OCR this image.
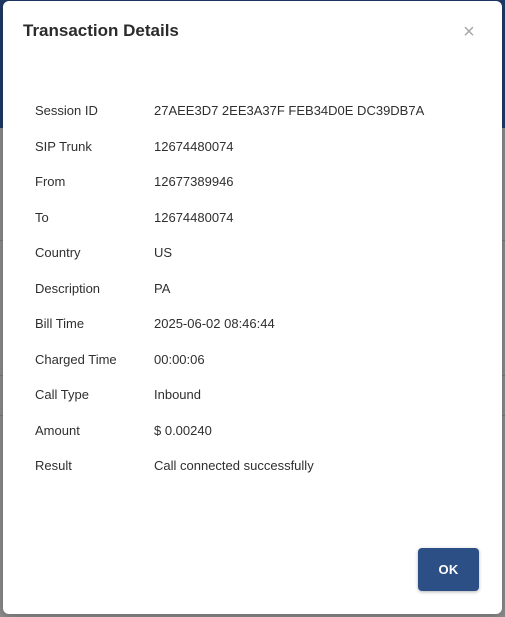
Transaction Details	×
Session ID	27AEE3D7 2EE3A37F FEB34D0E DC39DB7A
SIP Trunk	12674480074
From	12677389946
To	12674480074
Country	US
Description	PA
Bill Time	2025-06-02 08:46:44
Charged Time	00:00:06
Call Type	Inbound
Amount	$ 0.00240
Result	Call connected successfully
OK
